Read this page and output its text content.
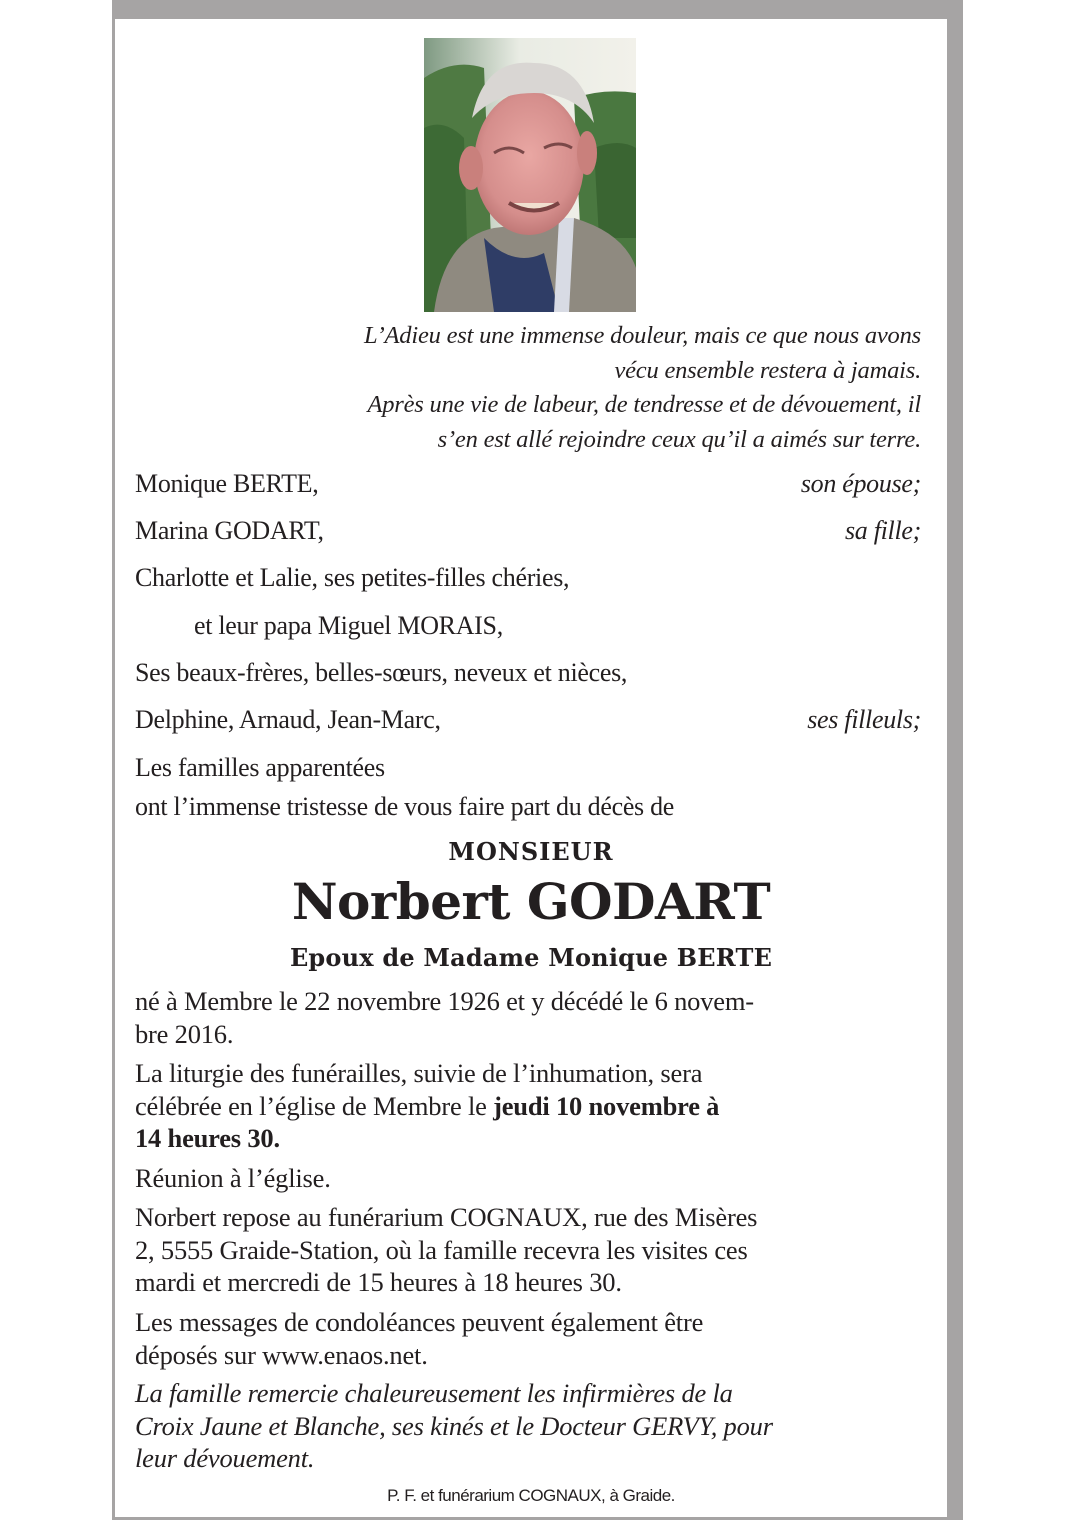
L’Adieu est une immense douleur, mais ce que nous avons
vécu ensemble restera à jamais.
Après une vie de labeur, de tendresse et de dévouement, il
s’en est allé rejoindre ceux qu’il a aimés sur terre.
Monique BERTE,	son épouse;
Marina GODART,	sa fille;
Charlotte et Lalie, ses petites-filles chéries,
et leur papa Miguel MORAIS,
Ses beaux-frères, belles-sœurs, neveux et nièces,
Delphine, Arnaud, Jean-Marc,	ses filleuls;
Les familles apparentées
ont l’immense tristesse de vous faire part du décès de
MONSIEUR
Norbert GODART
Epoux de Madame Monique BERTE
né à Membre le 22 novembre 1926 et y décédé le 6 novem-
bre 2016.
La liturgie des funérailles, suivie de l’inhumation, sera
célébrée en l’église de Membre le jeudi 10 novembre à
14 heures 30.
Réunion à l’église.
Norbert repose au funérarium COGNAUX, rue des Misères
2, 5555 Graide-Station, où la famille recevra les visites ces
mardi et mercredi de 15 heures à 18 heures 30.
Les messages de condoléances peuvent également être
déposés sur www.enaos.net.
La famille remercie chaleureusement les infirmières de la
Croix Jaune et Blanche, ses kinés et le Docteur GERVY, pour
leur dévouement.
P. F. et funérarium COGNAUX, à Graide.
